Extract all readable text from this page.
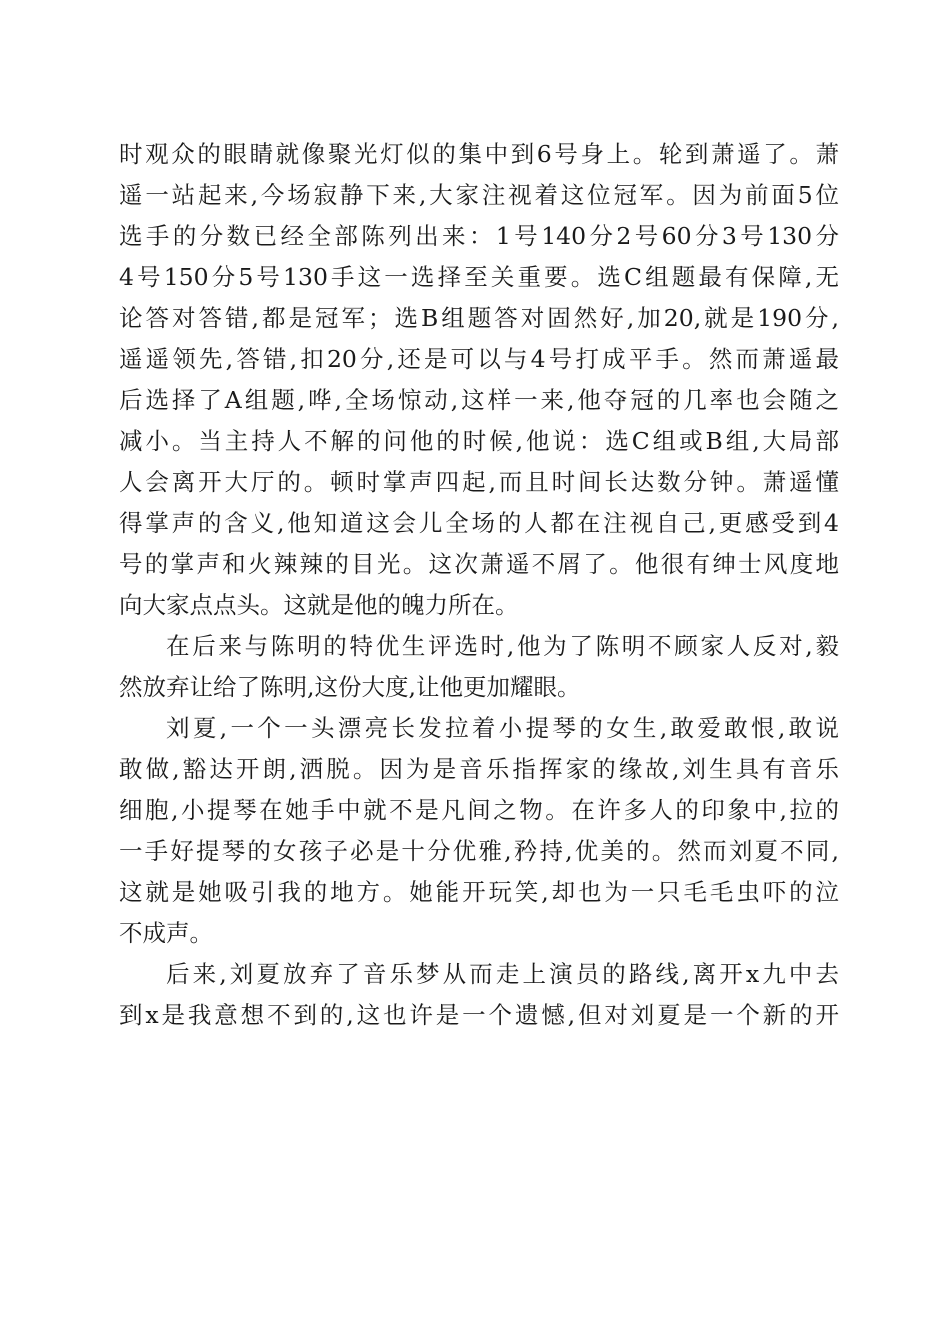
时观众的眼睛就像聚光灯似的集中到6号身上。轮到萧遥了。萧
遥一站起来,今场寂静下来,大家注视着这位冠军。因为前面5位
选手的分数已经全部陈列出来：1号140分2号60分3号130分
4号150分5号130手这一选择至关重要。选C组题最有保障,无
论答对答错,都是冠军；选B组题答对固然好,加20,就是190分,
遥遥领先,答错,扣20分,还是可以与4号打成平手。然而萧遥最
后选择了A组题,哗,全场惊动,这样一来,他夺冠的几率也会随之
减小。当主持人不解的问他的时候,他说：选C组或B组,大局部
人会离开大厅的。顿时掌声四起,而且时间长达数分钟。萧遥懂
得掌声的含义,他知道这会儿全场的人都在注视自己,更感受到4
号的掌声和火辣辣的目光。这次萧遥不屑了。他很有绅士风度地
向大家点点头。这就是他的魄力所在。
在后来与陈明的特优生评选时,他为了陈明不顾家人反对,毅
然放弃让给了陈明,这份大度,让他更加耀眼。
刘夏,一个一头漂亮长发拉着小提琴的女生,敢爱敢恨,敢说
敢做,豁达开朗,洒脱。因为是音乐指挥家的缘故,刘生具有音乐
细胞,小提琴在她手中就不是凡间之物。在许多人的印象中,拉的
一手好提琴的女孩子必是十分优雅,矜持,优美的。然而刘夏不同,
这就是她吸引我的地方。她能开玩笑,却也为一只毛毛虫吓的泣
不成声。
后来,刘夏放弃了音乐梦从而走上演员的路线,离开x九中去
到x是我意想不到的,这也许是一个遗憾,但对刘夏是一个新的开
